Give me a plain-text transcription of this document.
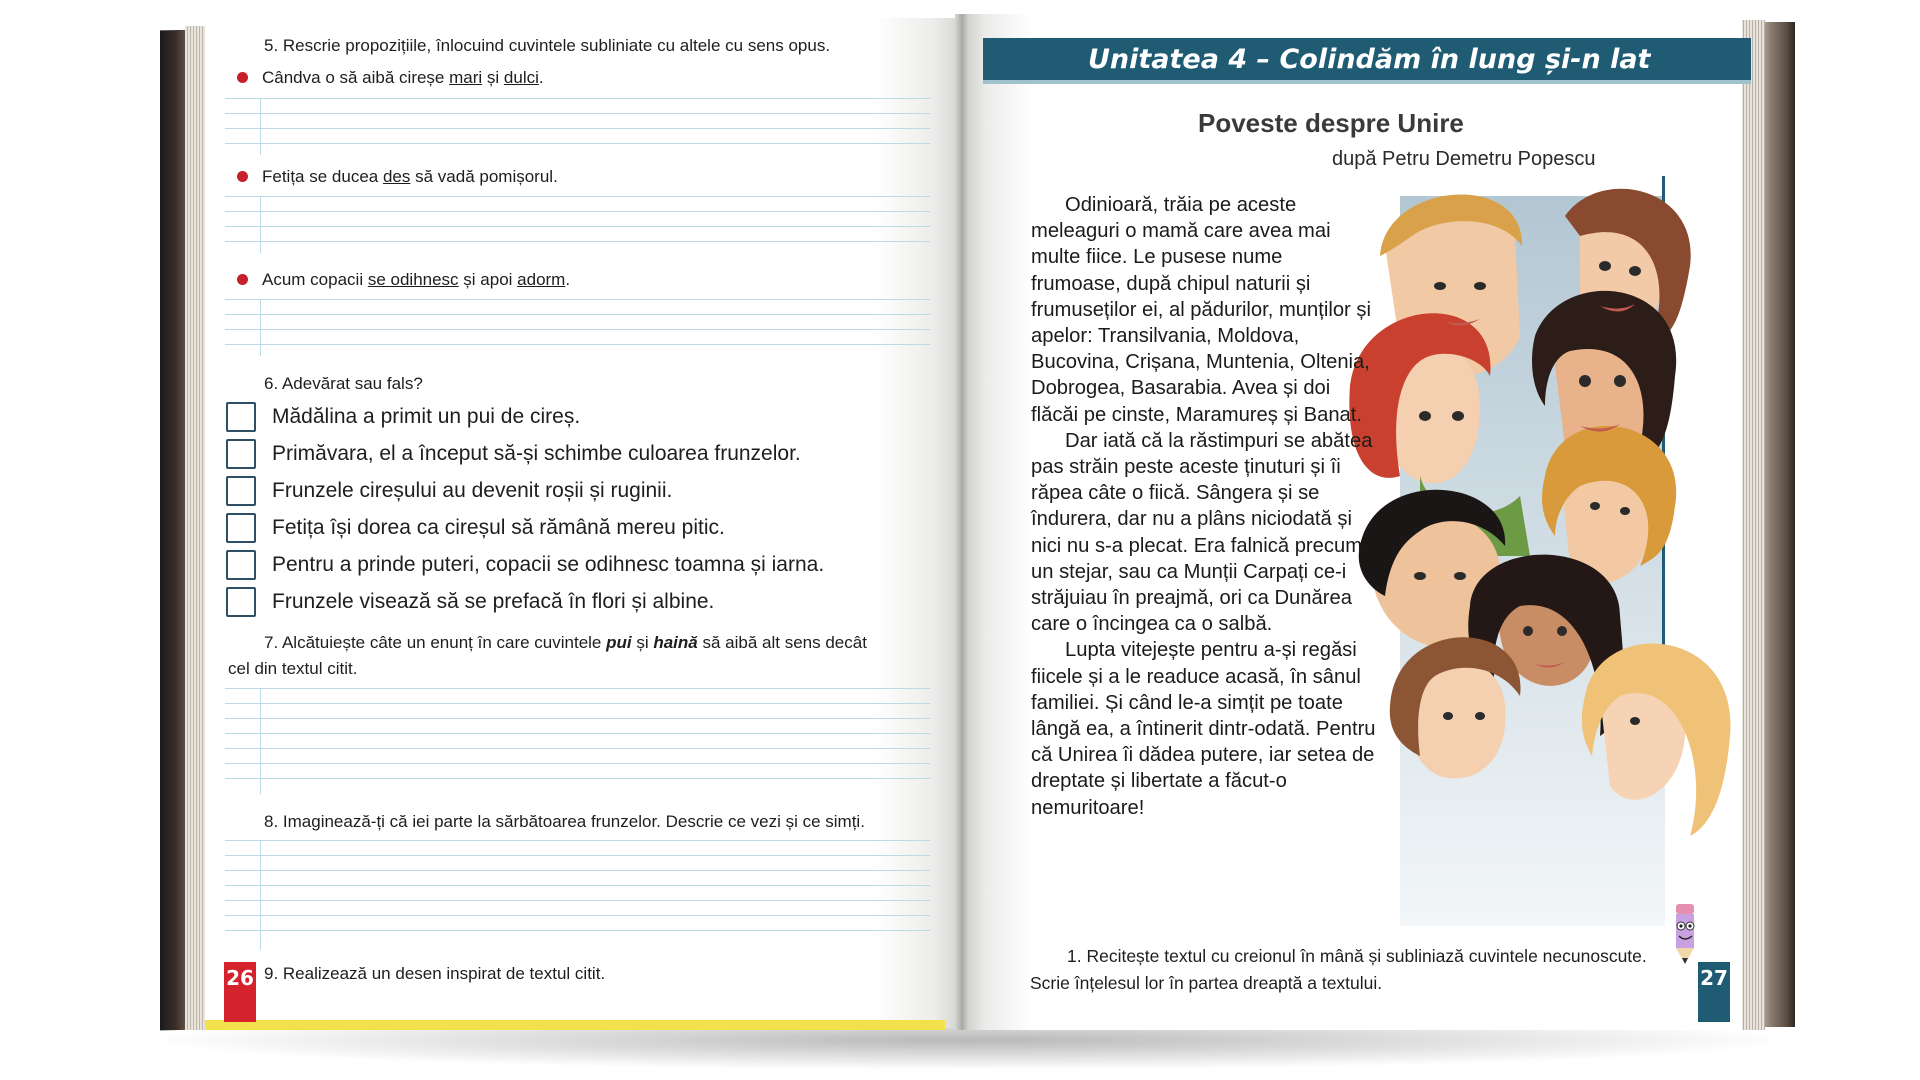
5. Rescrie propozițiile, înlocuind cuvintele subliniate cu altele cu sens opus.
Cândva o să aibă cireșe mari și dulci.
Fetița se ducea des să vadă pomișorul.
Acum copacii se odihnesc și apoi adorm.
6. Adevărat sau fals?
Mădălina a primit un pui de cireș.
Primăvara, el a început să-și schimbe culoarea frunzelor.
Frunzele cireșului au devenit roșii și ruginii.
Fetița își dorea ca cireșul să rămână mereu pitic.
Pentru a prinde puteri, copacii se odihnesc toamna și iarna.
Frunzele visează să se prefacă în flori și albine.
7. Alcătuiește câte un enunț în care cuvintele pui și haină să aibă alt sens decât
cel din textul citit.
8. Imaginează-ți că iei parte la sărbătoarea frunzelor. Descrie ce vezi și ce simți.
9. Realizează un desen inspirat de textul citit.
26
Unitatea 4 – Colindăm în lung și-n lat
Poveste despre Unire
după Petru Demetru Popescu

Odinioară, trăia pe aceste meleaguri o mamă care avea mai multe fiice. Le pusese nume frumoase, după chipul naturii și frumuseților ei, al pădurilor, munților și apelor: Transilvania, Moldova, Bucovina, Crișana, Muntenia, Oltenia, Dobrogea, Basarabia. Avea și doi flăcăi pe cinste, Maramureș și Banat.

Dar iată că la răstimpuri se abătea pas străin peste aceste ținuturi și îi răpea câte o fiică. Sângera și se îndurera, dar nu a plâns niciodată și nici nu s-a plecat. Era falnică precum un stejar, sau ca Munții Carpați ce-i străjuiau în preajmă, ori ca Dunărea care o încingea ca o salbă.

Lupta vitejește pentru a-și regăsi fiicele și a le readuce acasă, în sânul familiei. Și când le-a simțit pe toate lângă ea, a întinerit dintr-odată. Pentru că Unirea îi dădea putere, iar setea de dreptate și libertate a făcut-o nemuritoare!

1. Recitește textul cu creionul în mână și subliniază cuvintele necunoscute.
Scrie înțelesul lor în partea dreaptă a textului.	27
